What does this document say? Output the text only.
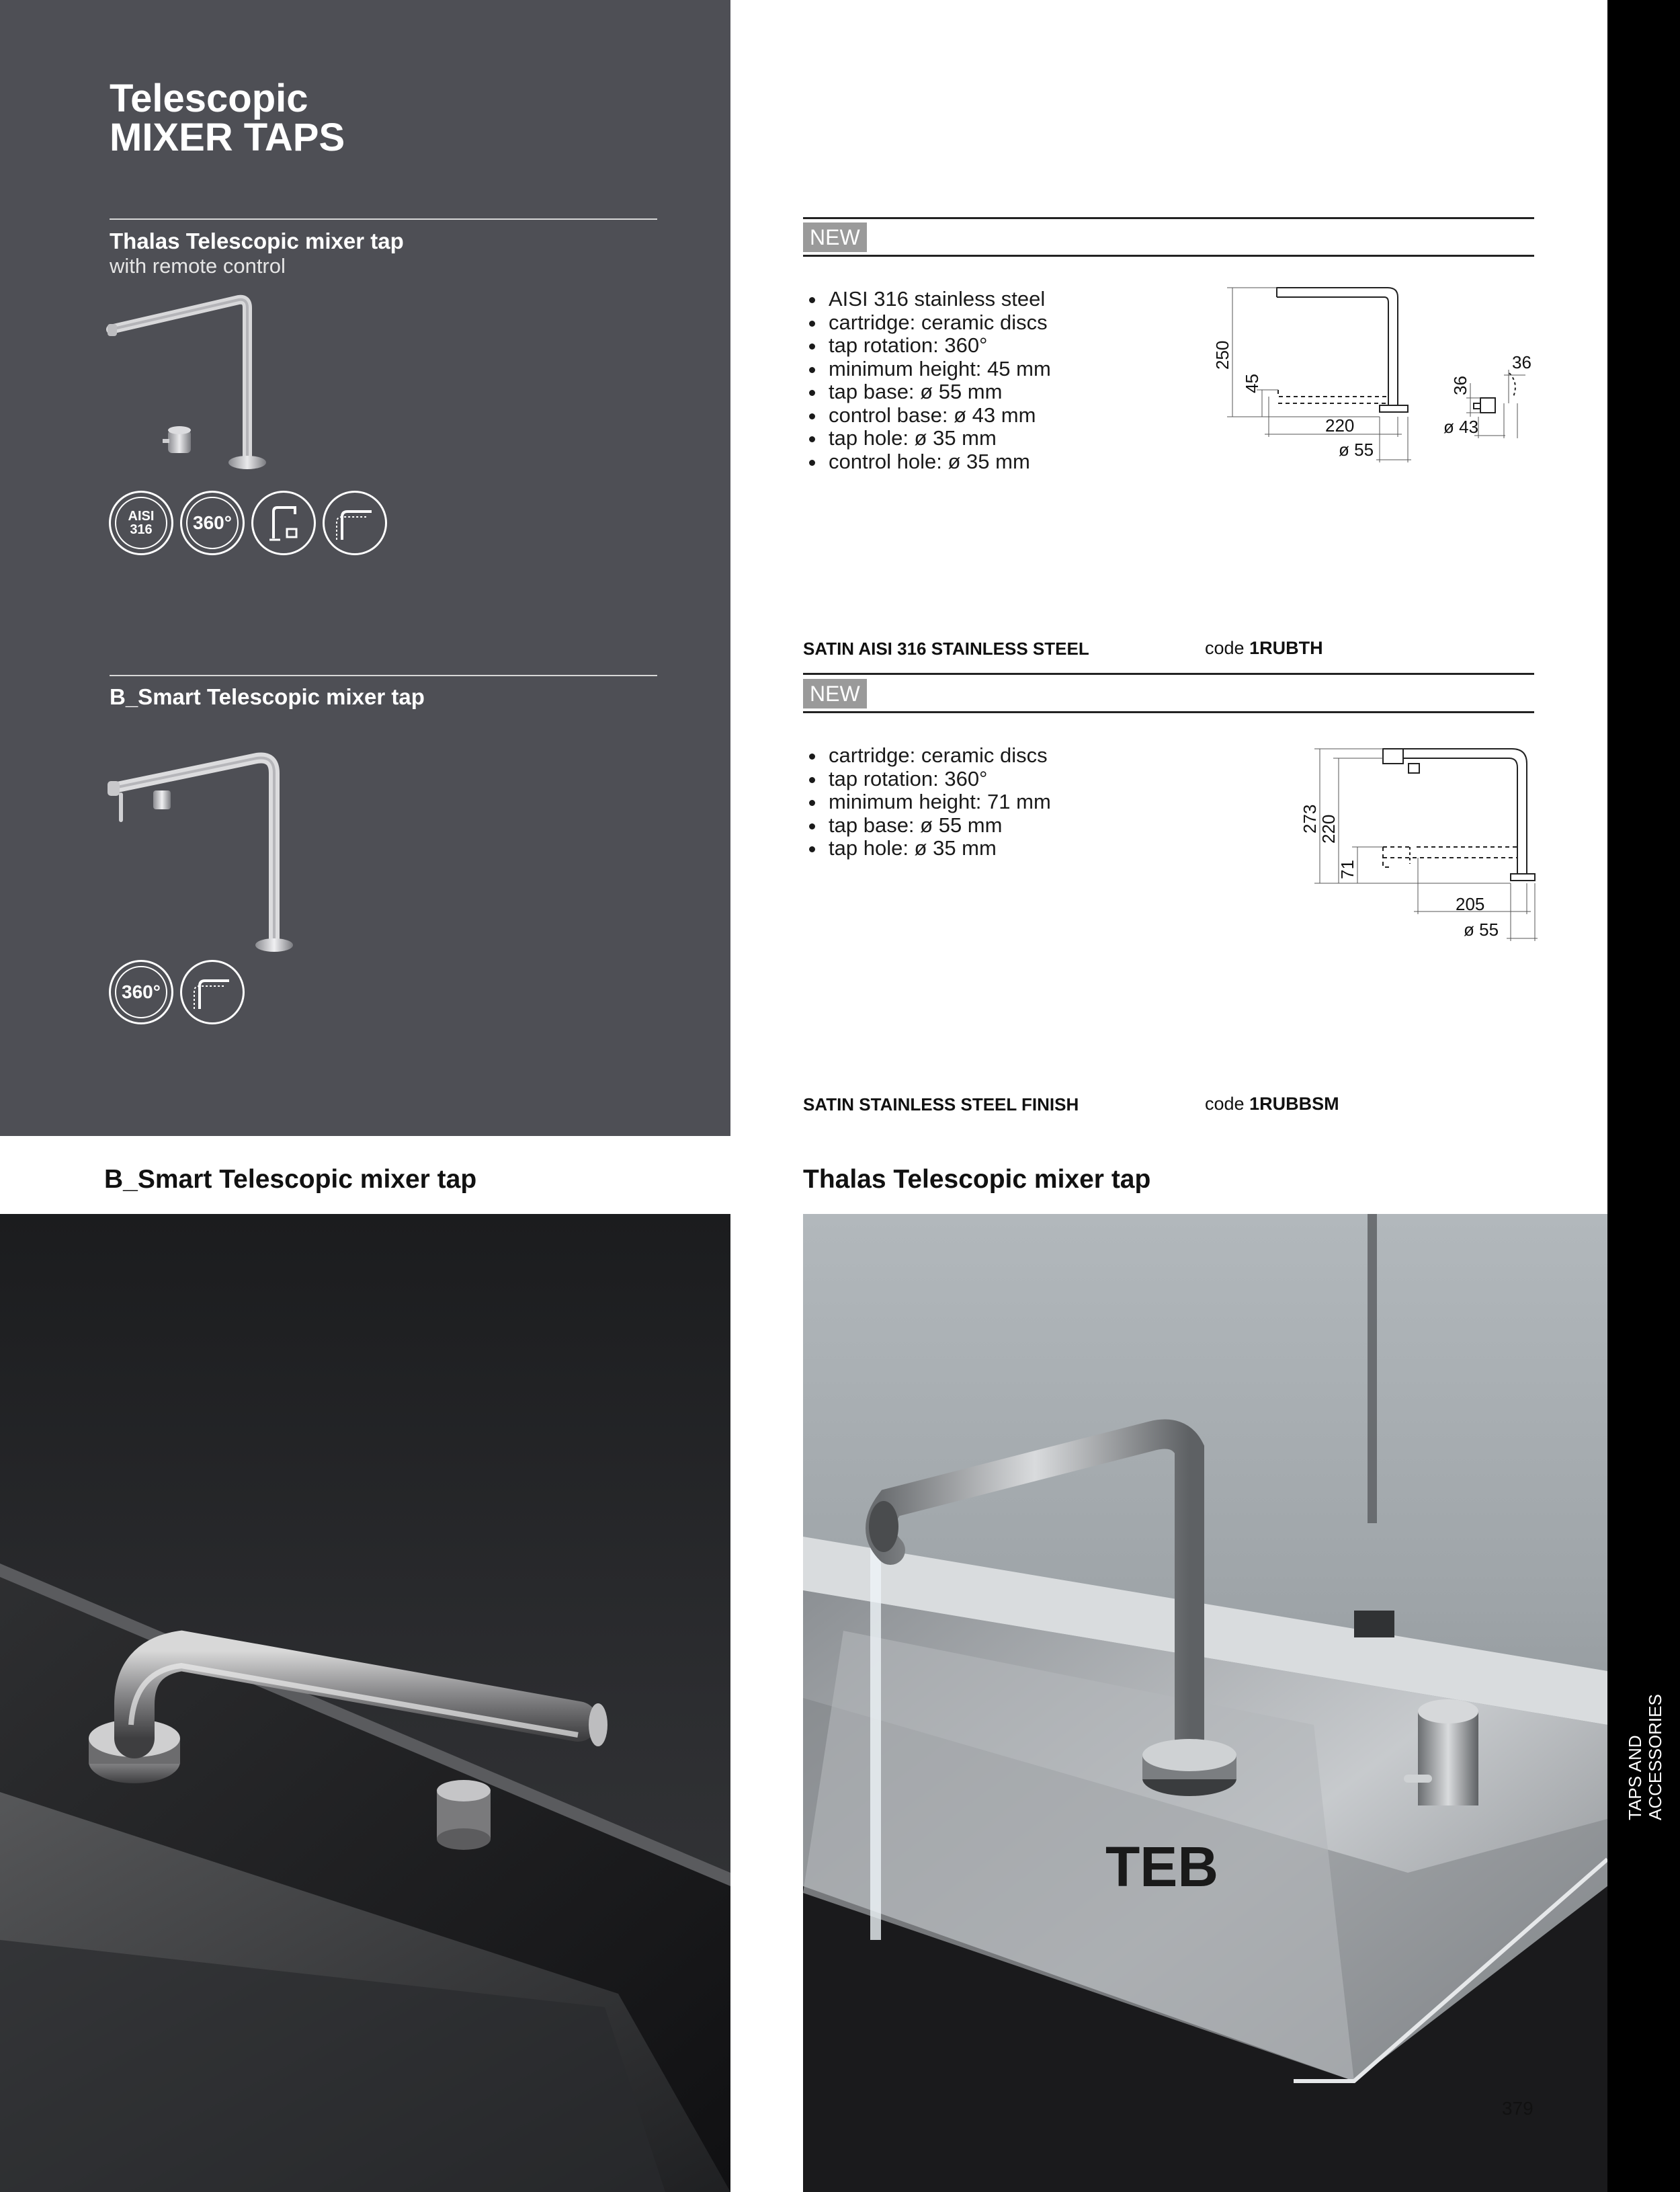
Telescopic
MIXER TAPS
Thalas Telescopic mixer tap
with remote control
AISI
316 360°
B_Smart Telescopic mixer tap
360°
NEW
• AISI 316 stainless steel
• cartridge: ceramic discs
• tap rotation: 360°
• minimum height: 45 mm
• tap base: ø 55 mm
• control base: ø 43 mm
• tap hole: ø 35 mm
• control hole: ø 35 mm
250
45
220
ø 55
36
36
ø 43
SATIN AISI 316 STAINLESS STEEL	code 1RUBTH
NEW
• cartridge: ceramic discs
• tap rotation: 360°
• minimum height: 71 mm
• tap base: ø 55 mm
• tap hole: ø 35 mm
273
220
71
205
ø 55
SATIN STAINLESS STEEL FINISH	code 1RUBBSM
B_Smart Telescopic mixer tap	Thalas Telescopic mixer tap
TEB
TAPS AND ACCESSORIES
379
